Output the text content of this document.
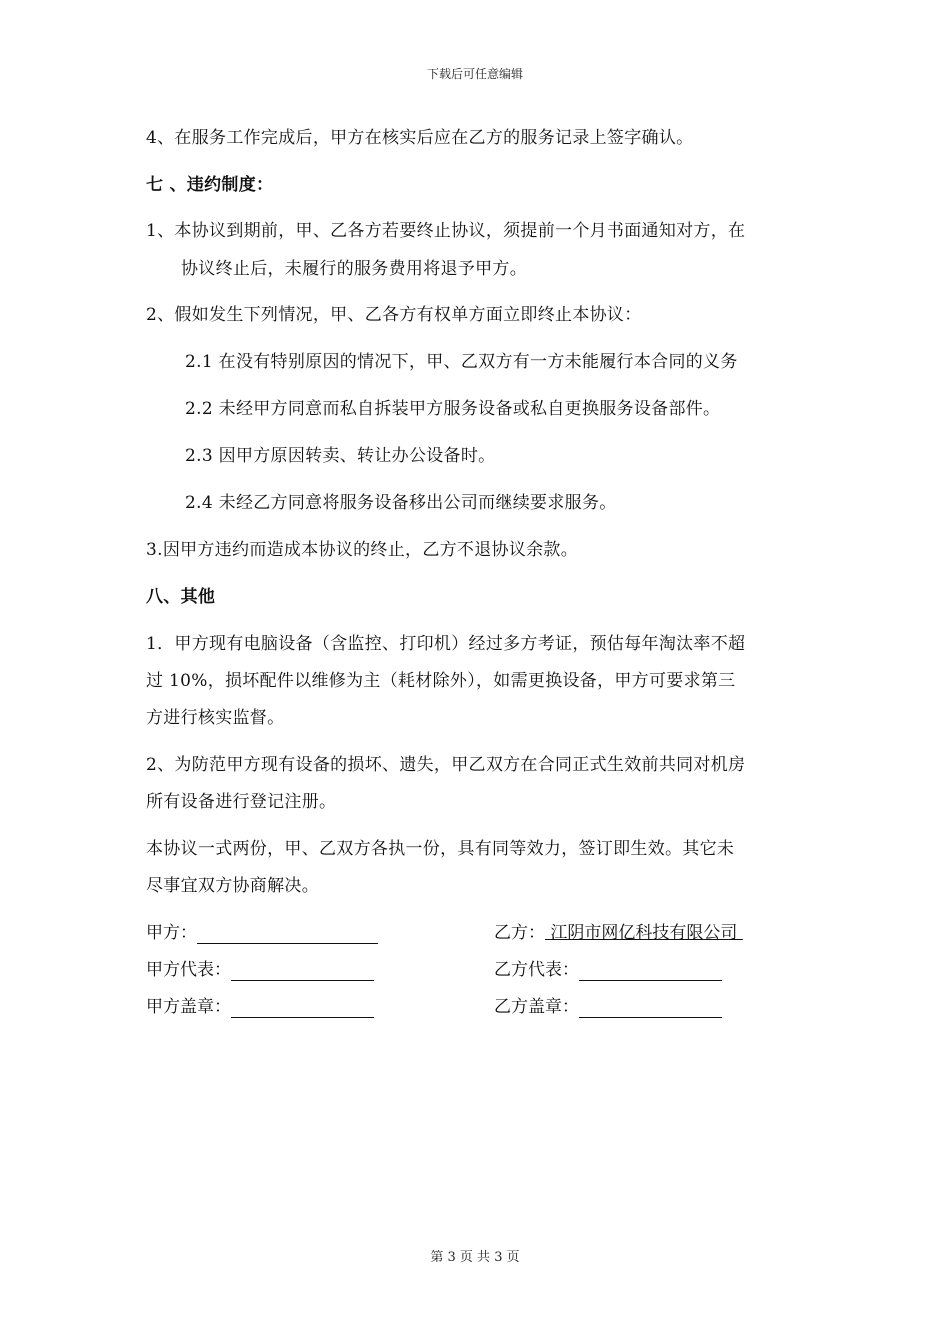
下载后可任意编辑
4、在服务工作完成后，甲方在核实后应在乙方的服务记录上签字确认。
七 、违约制度：
1、本协议到期前，甲、乙各方若要终止协议，须提前一个月书面通知对方，在
协议终止后，未履行的服务费用将退予甲方。
2、假如发生下列情况，甲、乙各方有权单方面立即终止本协议：
2.1 在没有特别原因的情况下，甲、乙双方有一方未能履行本合同的义务
2.2 未经甲方同意而私自拆装甲方服务设备或私自更换服务设备部件。
2.3 因甲方原因转卖、转让办公设备时。
2.4 未经乙方同意将服务设备移出公司而继续要求服务。
3.因甲方违约而造成本协议的终止，乙方不退协议余款。
八、其他
1．甲方现有电脑设备（含监控、打印机）经过多方考证，预估每年淘汰率不超
过 10%，损坏配件以维修为主（耗材除外），如需更换设备，甲方可要求第三
方进行核实监督。
2、为防范甲方现有设备的损坏、遗失，甲乙双方在合同正式生效前共同对机房
所有设备进行登记注册。
本协议一式两份，甲、乙双方各执一份，具有同等效力，签订即生效。其它未
尽事宜双方协商解决。
甲方：
甲方代表：
甲方盖章：
乙方： 江阴市网亿科技有限公司
乙方代表：
乙方盖章：
第 3 页 共 3 页
